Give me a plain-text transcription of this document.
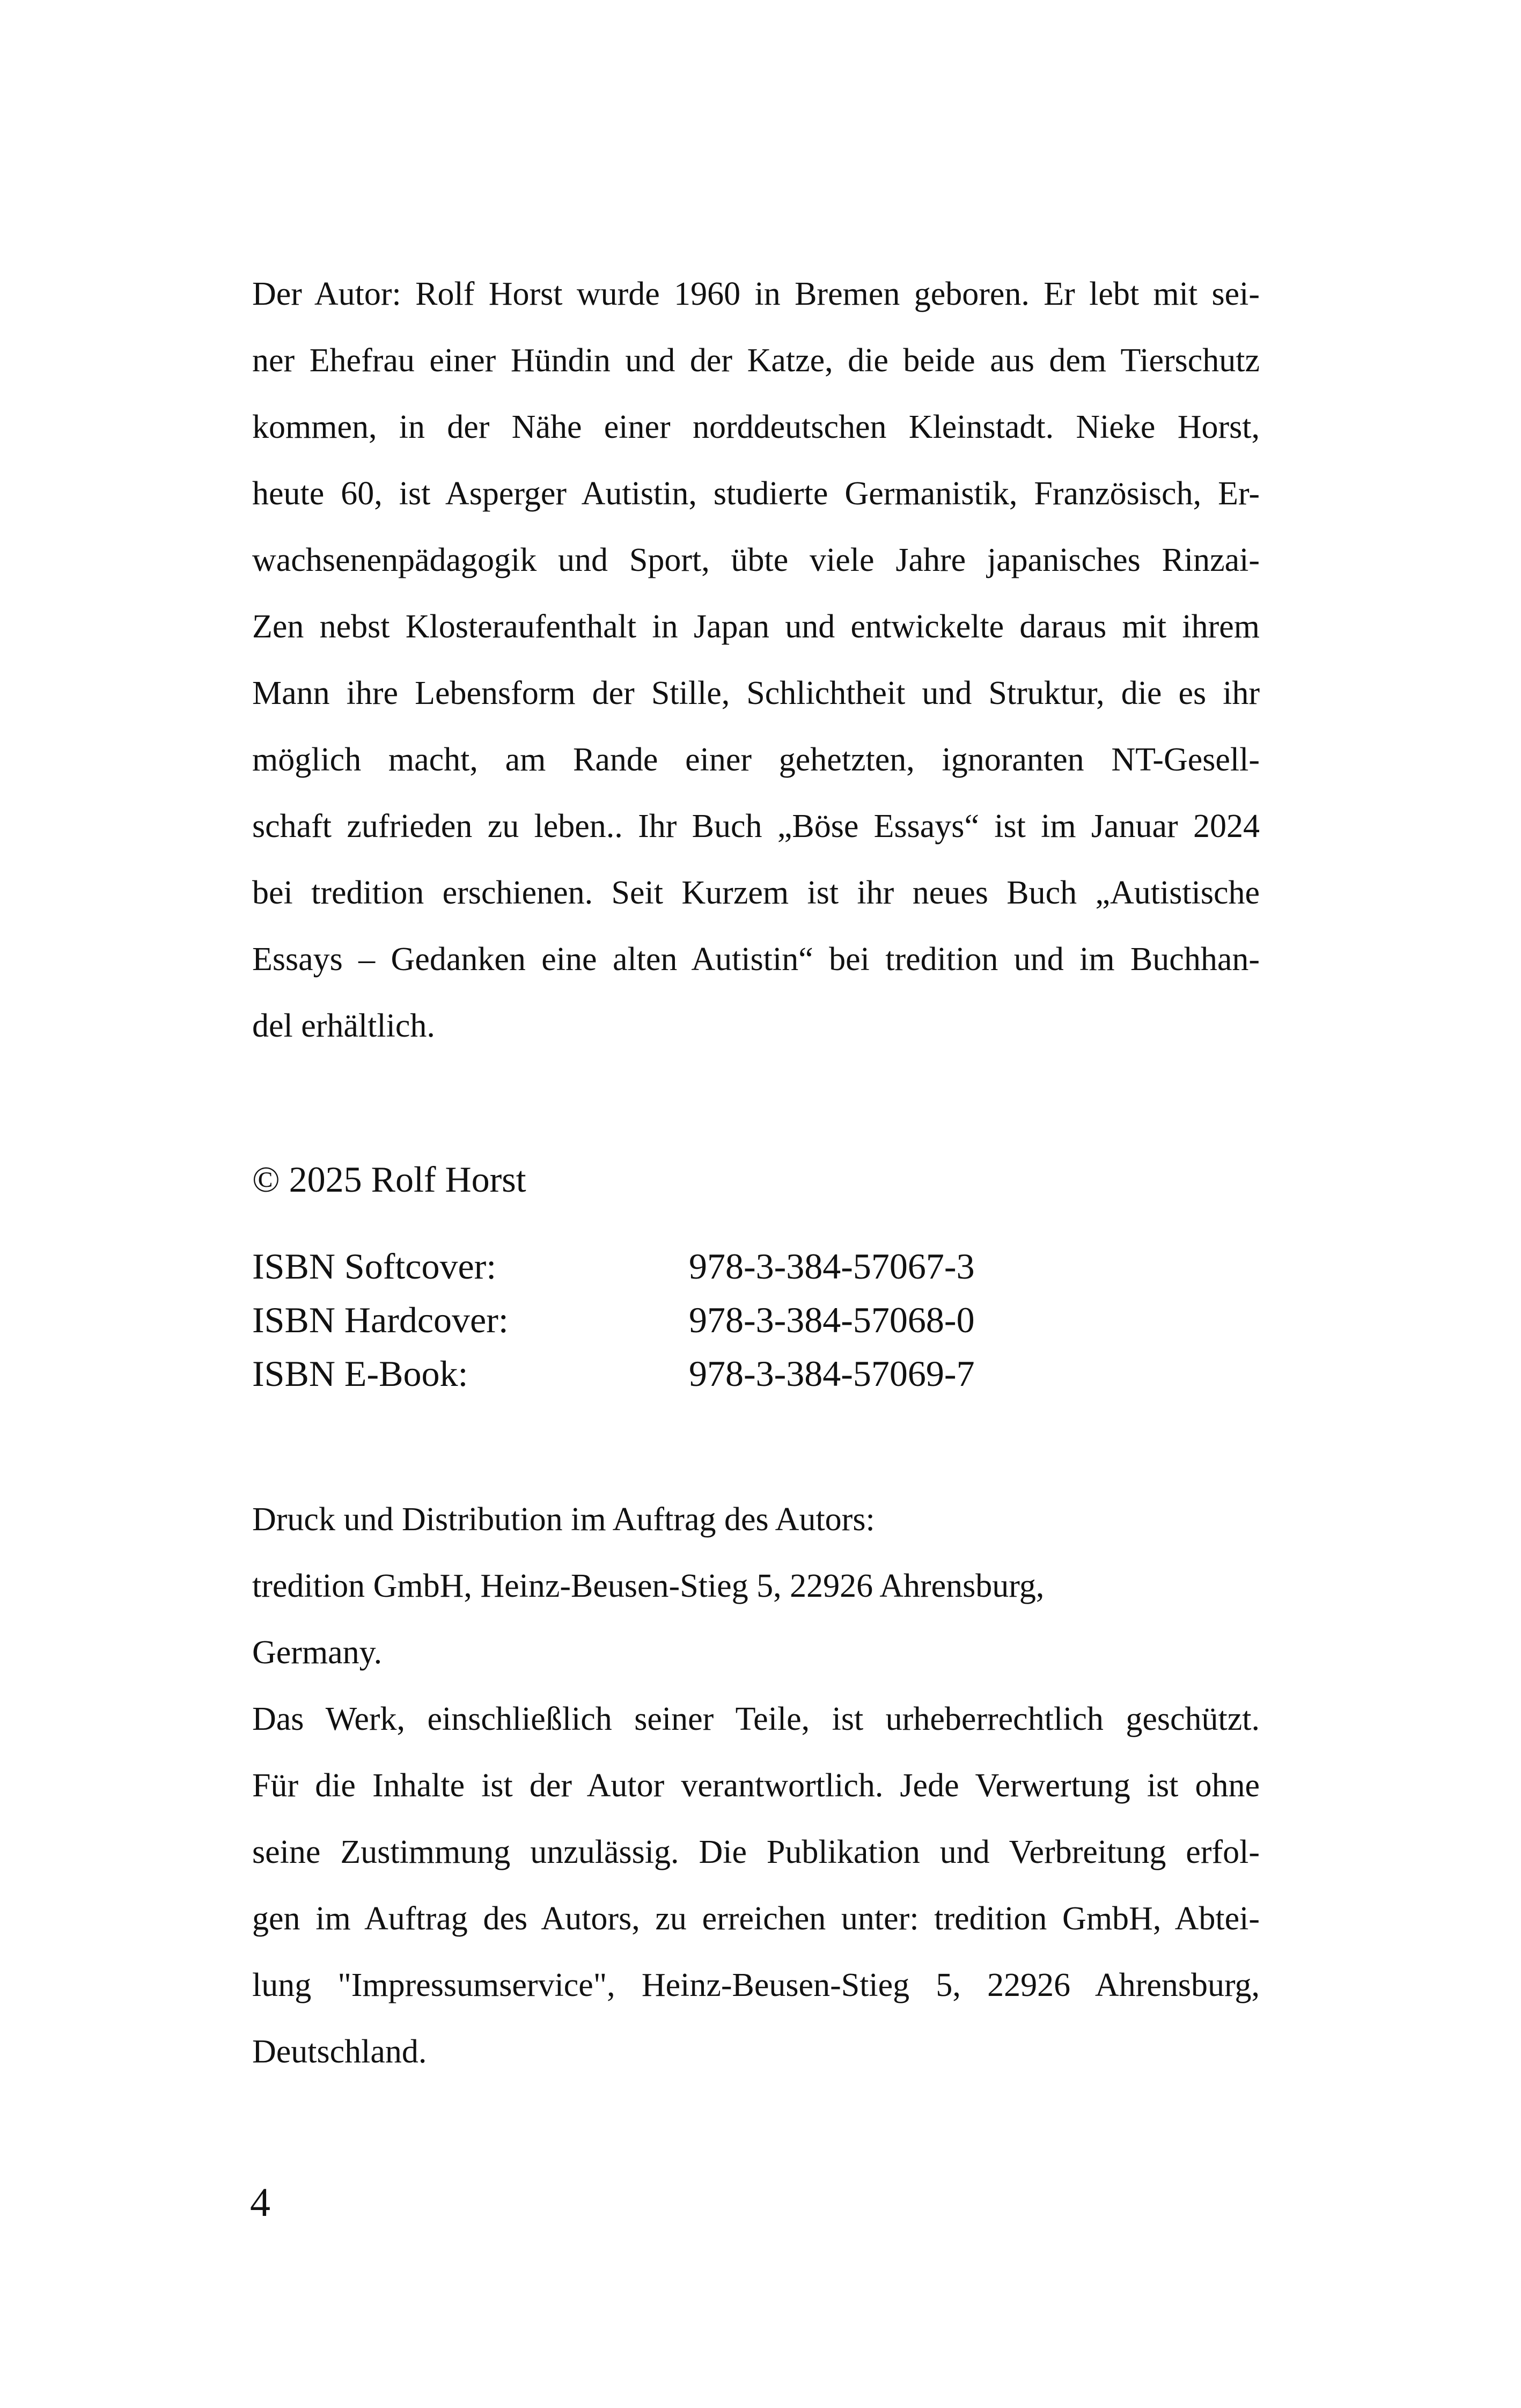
Der Autor: Rolf Horst wurde 1960 in Bremen geboren. Er lebt mit sei-
ner Ehefrau einer Hündin und der Katze, die beide aus dem Tierschutz
kommen, in der Nähe einer norddeutschen Kleinstadt. Nieke Horst,
heute 60, ist Asperger Autistin, studierte Germanistik, Französisch, Er-
wachsenenpädagogik und Sport, übte viele Jahre japanisches Rinzai-
Zen nebst Klosteraufenthalt in Japan und entwickelte daraus mit ihrem
Mann ihre Lebensform der Stille, Schlichtheit und Struktur, die es ihr
möglich macht, am Rande einer gehetzten, ignoranten NT-Gesell-
schaft zufrieden zu leben.. Ihr Buch „Böse Essays“ ist im Januar 2024
bei tredition erschienen. Seit Kurzem ist ihr neues Buch „Autistische
Essays – Gedanken eine alten Autistin“ bei tredition und im Buchhan-
del erhältlich.
© 2025 Rolf Horst
ISBN Softcover:	978-3-384-57067-3
ISBN Hardcover:	978-3-384-57068-0
ISBN E-Book:	978-3-384-57069-7
Druck und Distribution im Auftrag des Autors:
tredition GmbH, Heinz-Beusen-Stieg 5, 22926 Ahrensburg,
Germany.
Das Werk, einschließlich seiner Teile, ist urheberrechtlich geschützt.
Für die Inhalte ist der Autor verantwortlich. Jede Verwertung ist ohne
seine Zustimmung unzulässig. Die Publikation und Verbreitung erfol-
gen im Auftrag des Autors, zu erreichen unter: tredition GmbH, Abtei-
lung "Impressumservice", Heinz-Beusen-Stieg 5, 22926 Ahrensburg,
Deutschland.
4
